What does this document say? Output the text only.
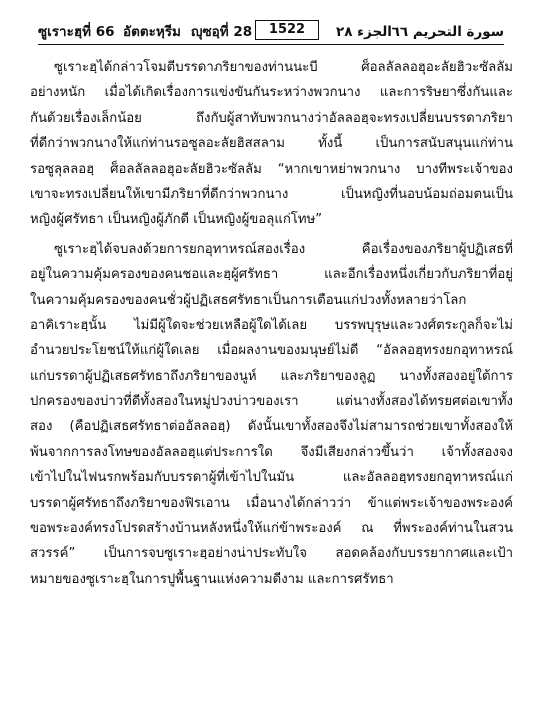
ซูเราะฮฺที่ 66 อัตตะหฺรีม ญุซอฺที่ 28	1522	الجزء ٢٨ سورة التحريم ٦٦
ซูเราะฮฺได้กล่าวโจมตีบรรดาภริยาของท่านนะบี ศ็อลลัลลอฮุอะลัยฮิวะซัลลัม
อย่างหนัก เมื่อได้เกิดเรื่องการแข่งขันกันระหว่างพวกนาง และการริษยาซึ่งกันและ
กันด้วยเรื่องเล็กน้อย ถึงกับผู้สาทับพวกนางว่าอัลลอฮฺจะทรงเปลี่ยนบรรดาภริยา
ที่ดีกว่าพวกนางให้แก่ท่านรอซูลอะลัยฮิสสลาม ทั้งนี้ เป็นการสนับสนุนแก่ท่าน
รอซูลุลลอฮฺ ศ็อลลัลลอฮุอะลัยฮิวะซัลลัม “หากเขาหย่าพวกนาง บางทีพระเจ้าของ
เขาจะทรงเปลี่ยนให้เขามีภริยาที่ดีกว่าพวกนาง เป็นหญิงที่นอบน้อมถ่อมตนเป็น
หญิงผู้ศรัทธา เป็นหญิงผู้ภักดี เป็นหญิงผู้ขอลุแก่โทษ”
ซูเราะฮฺได้จบลงด้วยการยกอุทาหรณ์สองเรื่อง คือเรื่องของภริยาผู้ปฏิเสธที่
อยู่ในความคุ้มครองของคนชอและฮฺผู้ศรัทธา และอีกเรื่องหนึ่งเกี่ยวกับภริยาที่อยู่
ในความคุ้มครองของคนชั่วผู้ปฏิเสธศรัทธาเป็นการเตือนแก่ปวงทั้งหลายว่าโลก
อาคิเราะฮฺนั้น ไม่มีผู้ใดจะช่วยเหลือผู้ใดได้เลย บรรพบุรุษและวงศ์ตระกูลก็จะไม่
อำนวยประโยชน์ให้แก่ผู้ใดเลย เมื่อผลงานของมนุษย์ไม่ดี “อัลลอฮฺทรงยกอุทาหรณ์
แก่บรรดาผู้ปฏิเสธศรัทธาถึงภริยาของนูห์ และภริยาของลูฏ นางทั้งสองอยู่ใต้การ
ปกครองของบ่าวที่ดีทั้งสองในหมู่ปวงบ่าวของเรา แต่นางทั้งสองได้ทรยศต่อเขาทั้ง
สอง (คือปฏิเสธศรัทธาต่ออัลลอฮฺ) ดังนั้นเขาทั้งสองจึงไม่สามารถช่วยเขาทั้งสองให้
พ้นจากการลงโทษของอัลลอฮฺแต่ประการใด จึงมีเสียงกล่าวขึ้นว่า เจ้าทั้งสองจง
เข้าไปในไฟนรกพร้อมกับบรรดาผู้ที่เข้าไปในมัน และอัลลอฮฺทรงยกอุทาหรณ์แก่
บรรดาผู้ศรัทธาถึงภริยาของฟิรเอาน เมื่อนางได้กล่าวว่า ข้าแต่พระเจ้าของพระองค์
ขอพระองค์ทรงโปรดสร้างบ้านหลังหนึ่งให้แก่ข้าพระองค์ ณ ที่พระองค์ท่านในสวน
สวรรค์” เป็นการจบซูเราะฮฺอย่างน่าประทับใจ สอดคล้องกับบรรยากาศและเป้า
หมายของซูเราะฮฺในการปูพื้นฐานแห่งความดีงาม และการศรัทธา
